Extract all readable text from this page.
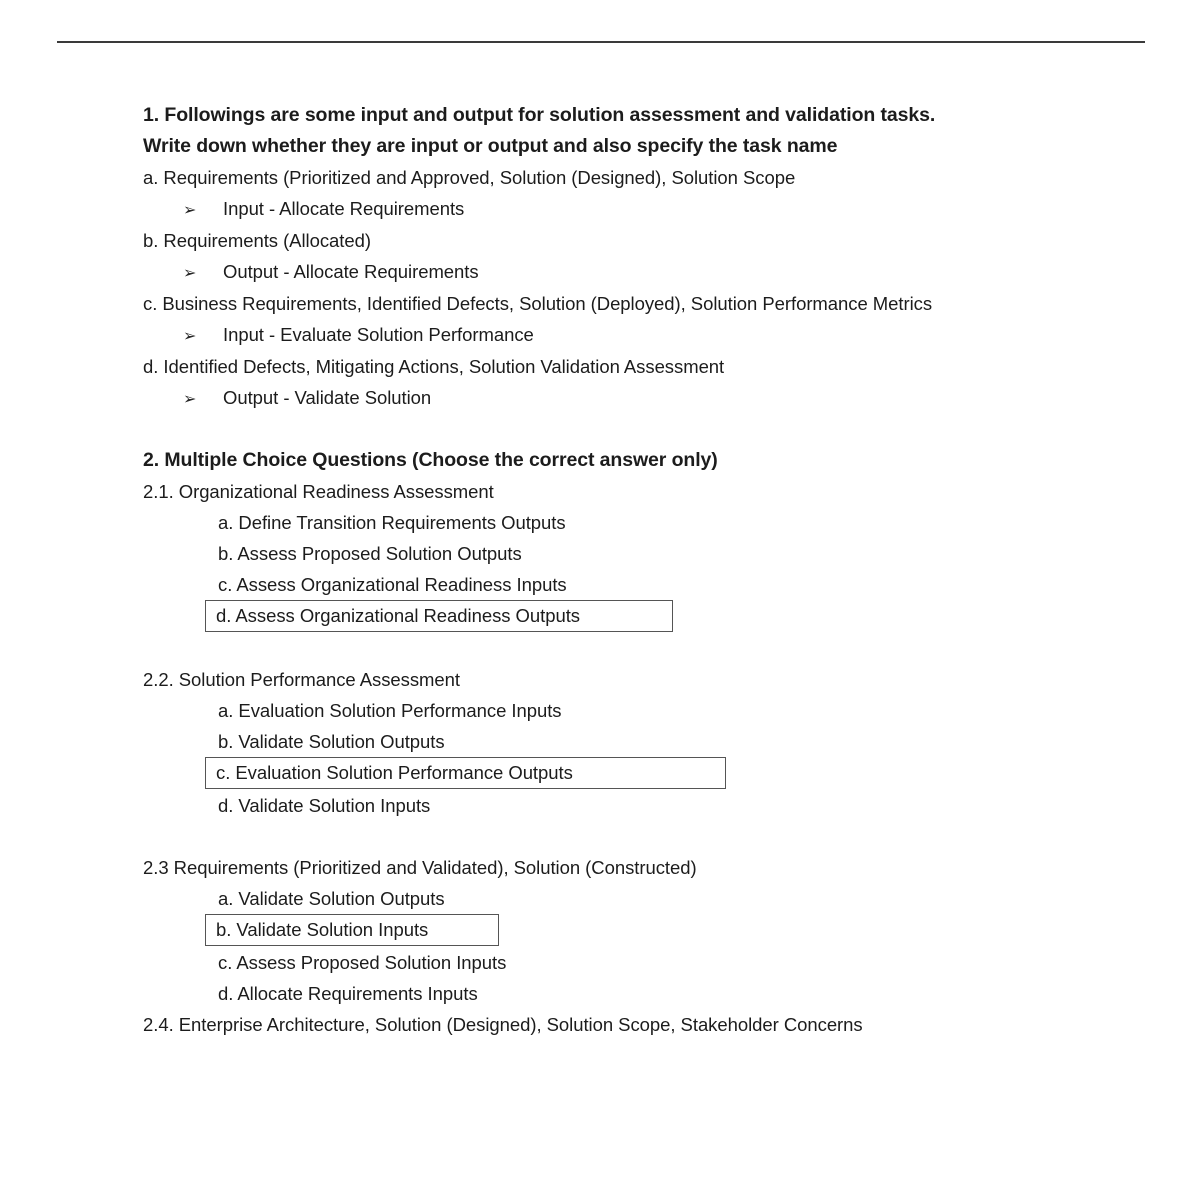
1. Followings are some input and output for solution assessment and validation tasks.
Write down whether they are input or output and also specify the task name
a. Requirements (Prioritized and Approved, Solution (Designed), Solution Scope
➢	Input - Allocate Requirements
b. Requirements (Allocated)
➢	Output - Allocate Requirements
c. Business Requirements, Identified Defects, Solution (Deployed), Solution Performance Metrics
➢	Input - Evaluate Solution Performance
d. Identified Defects, Mitigating Actions, Solution Validation Assessment
➢	Output - Validate Solution
2. Multiple Choice Questions (Choose the correct answer only)
2.1. Organizational Readiness Assessment
a. Define Transition Requirements Outputs
b. Assess Proposed Solution Outputs
c. Assess Organizational Readiness Inputs
d. Assess Organizational Readiness Outputs
2.2. Solution Performance Assessment
a. Evaluation Solution Performance Inputs
b. Validate Solution Outputs
c. Evaluation Solution Performance Outputs
d. Validate Solution Inputs
2.3 Requirements (Prioritized and Validated), Solution (Constructed)
a. Validate Solution Outputs
b. Validate Solution Inputs
c. Assess Proposed Solution Inputs
d. Allocate Requirements Inputs
2.4. Enterprise Architecture, Solution (Designed), Solution Scope, Stakeholder Concerns
